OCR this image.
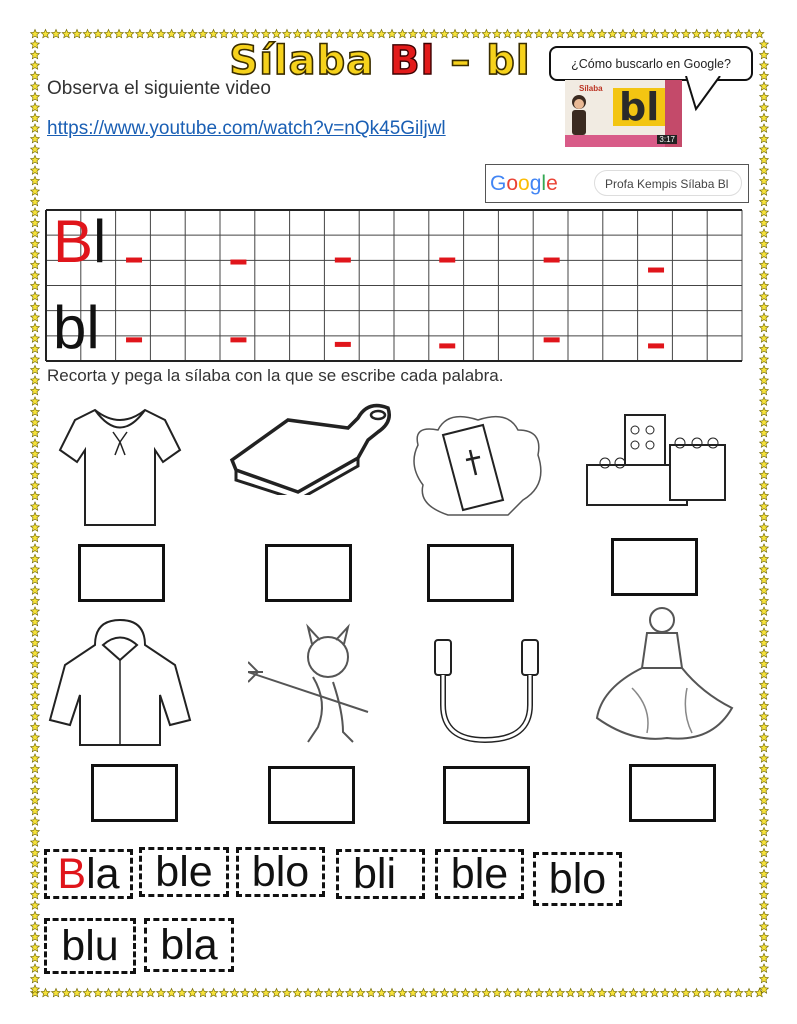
Sílaba Bl – bl
Observa el siguiente video
https://www.youtube.com/watch?v=nQk45Giljwl
¿Cómo buscarlo en Google?
Sílaba bl
3:17
Google	Profa Kempis Sílaba Bl
Bl
bl
Recorta y pega la sílaba con la que se escribe cada palabra.
B la ble blo bli ble blo
blu bla
